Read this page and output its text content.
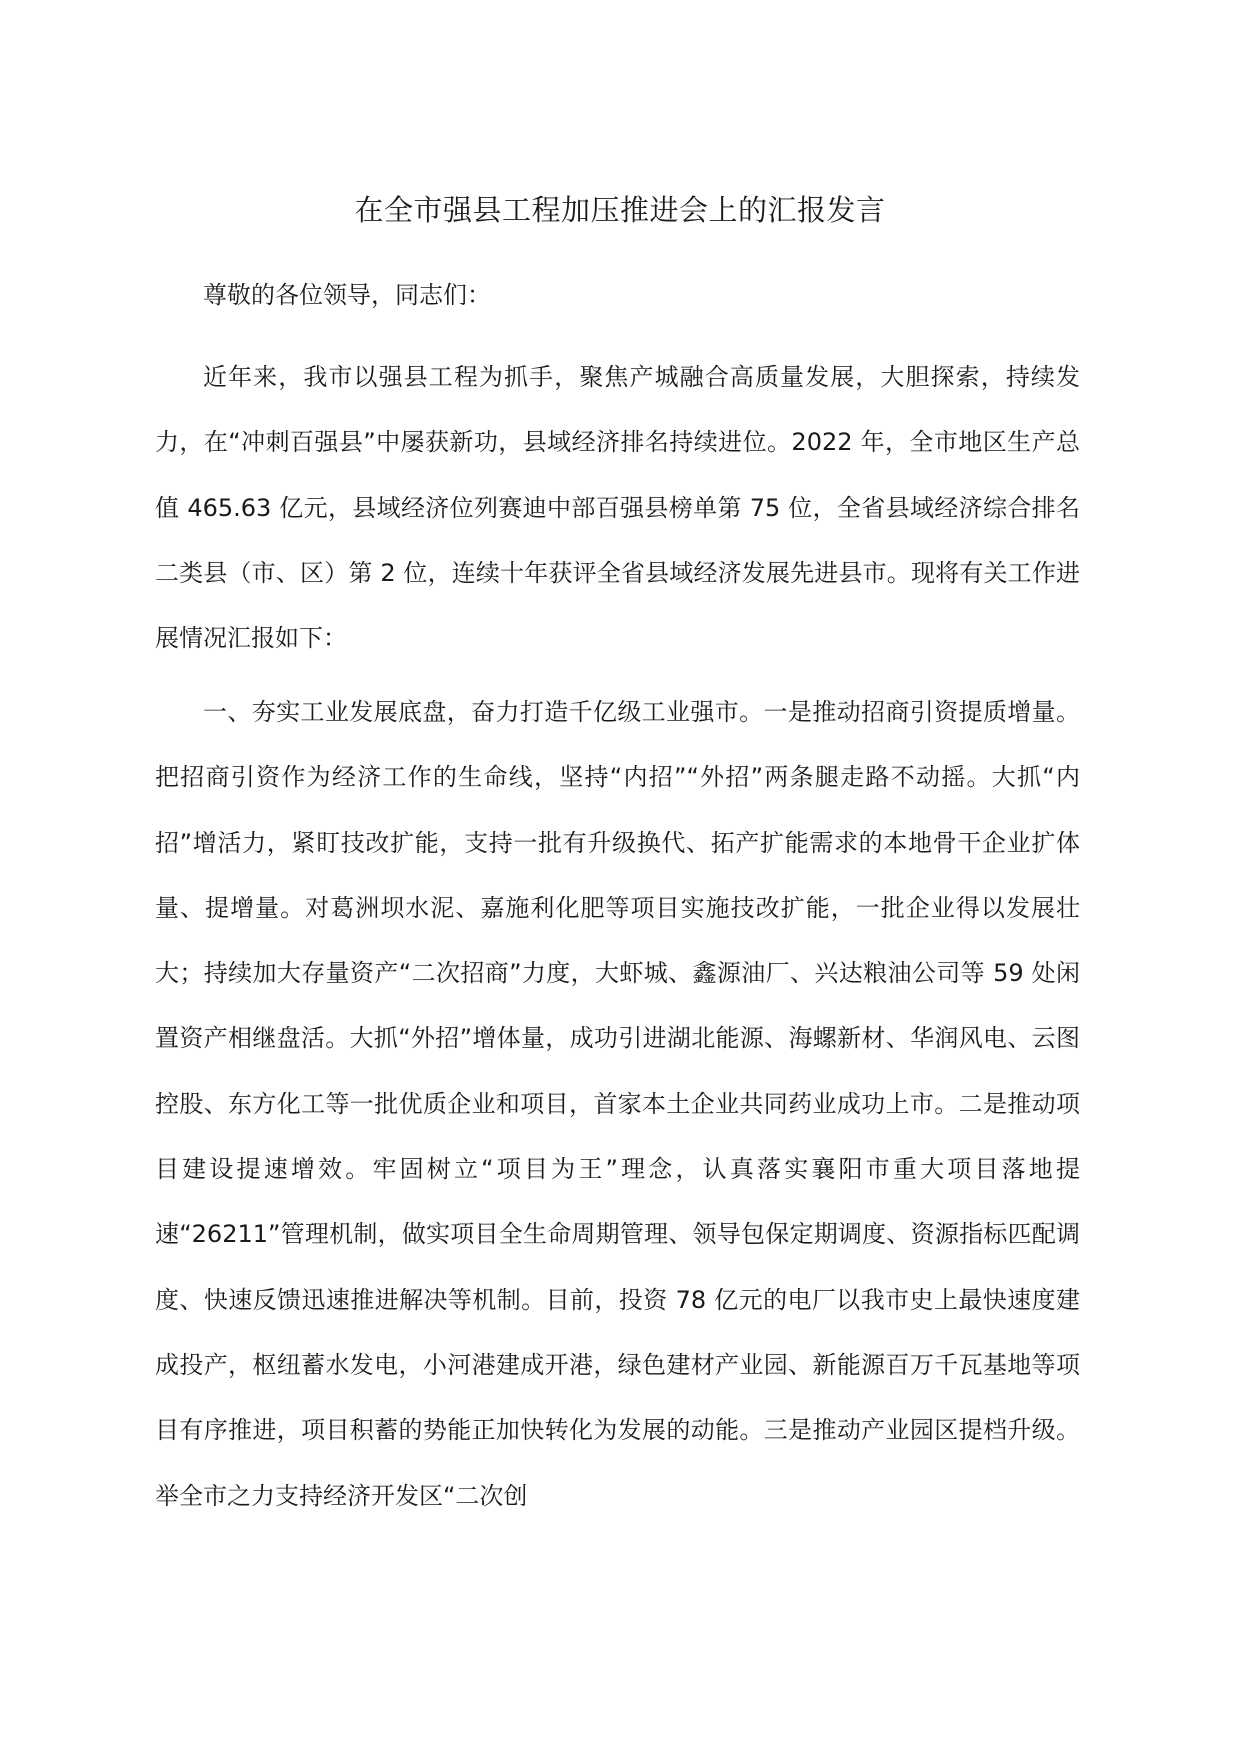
在全市强县工程加压推进会上的汇报发言

尊敬的各位领导，同志们：

近年来，我市以强县工程为抓手，聚焦产城融合高质量发展，大胆探索，持续发力，在“冲刺百强县”中屡获新功，县域经济排名持续进位。2022 年，全市地区生产总值 465.63 亿元，县域经济位列赛迪中部百强县榜单第 75 位，全省县域经济综合排名二类县（市、区）第 2 位，连续十年获评全省县域经济发展先进县市。现将有关工作进展情况汇报如下：

一、夯实工业发展底盘，奋力打造千亿级工业强市。一是推动招商引资提质增量。把招商引资作为经济工作的生命线，坚持“内招”“外招”两条腿走路不动摇。大抓“内招”增活力，紧盯技改扩能，支持一批有升级换代、拓产扩能需求的本地骨干企业扩体量、提增量。对葛洲坝水泥、嘉施利化肥等项目实施技改扩能，一批企业得以发展壮大；持续加大存量资产“二次招商”力度，大虾城、鑫源油厂、兴达粮油公司等 59 处闲置资产相继盘活。大抓“外招”增体量，成功引进湖北能源、海螺新材、华润风电、云图控股、东方化工等一批优质企业和项目，首家本土企业共同药业成功上市。二是推动项目建设提速增效。牢固树立“项目为王”理念，认真落实襄阳市重大项目落地提速“26211”管理机制，做实项目全生命周期管理、领导包保定期调度、资源指标匹配调度、快速反馈迅速推进解决等机制。目前，投资 78 亿元的电厂以我市史上最快速度建成投产，枢纽蓄水发电，小河港建成开港，绿色建材产业园、新能源百万千瓦基地等项目有序推进，项目积蓄的势能正加快转化为发展的动能。三是推动产业园区提档升级。举全市之力支持经济开发区“二次创
